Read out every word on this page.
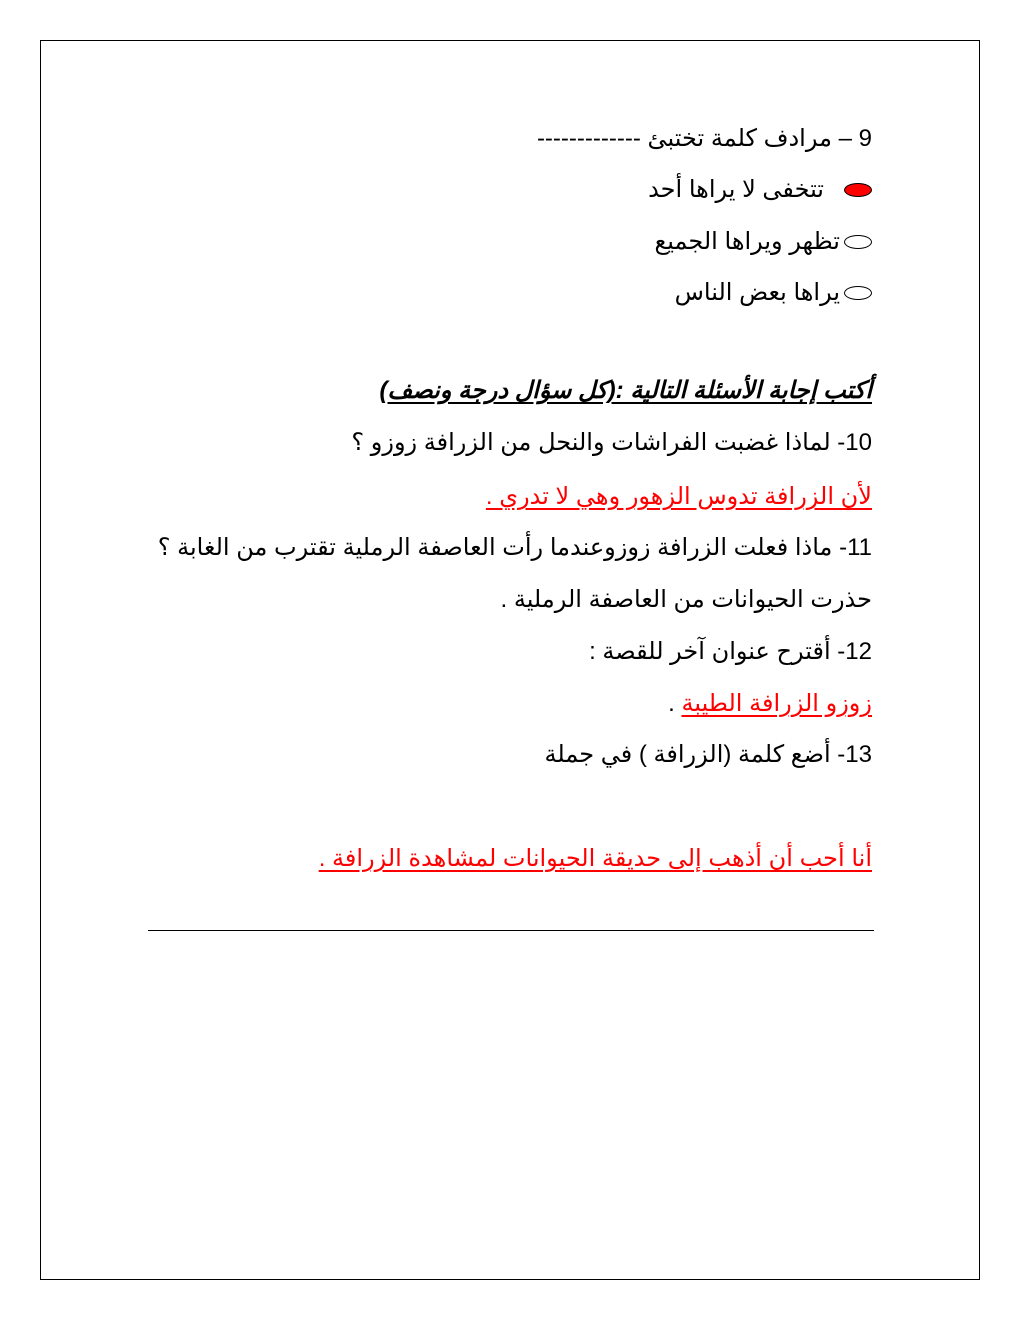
9 – مرادف كلمة تختبئ -------------
تتخفى لا يراها أحد
تظهر ويراها الجميع
يراها بعض الناس
أكتب إجابة الأسئلة التالية :(كل سؤال درجة ونصف)
10- لماذا غضبت الفراشات والنحل من الزرافة زوزو ؟
لأن الزرافة تدوس الزهور وهي لا تدري .
11- ماذا فعلت الزرافة زوزوعندما رأت العاصفة الرملية تقترب من الغابة ؟
حذرت الحيوانات من العاصفة الرملية .
12- أقترح عنوان آخر للقصة :
زوزو الزرافة الطيبة .
13- أضع كلمة (الزرافة ) في جملة
أنا أحب أن أذهب إلى حديقة الحيوانات لمشاهدة الزرافة .
